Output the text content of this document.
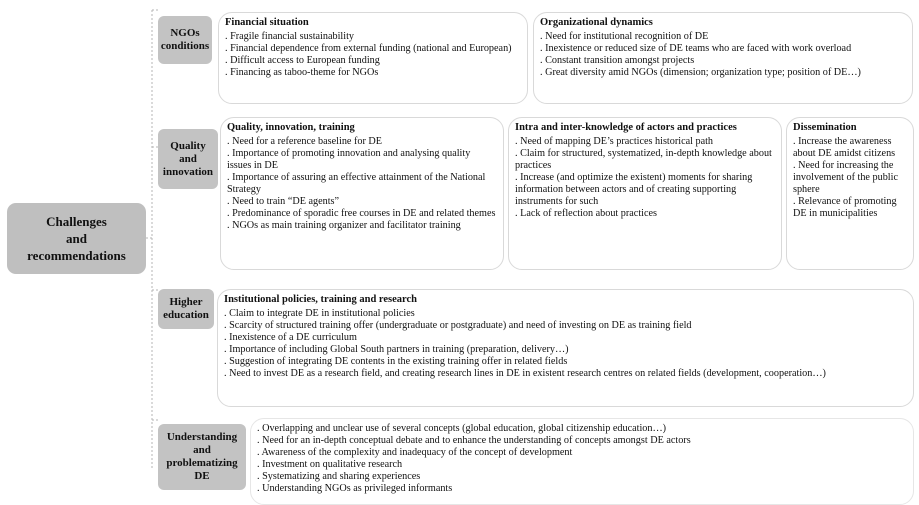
Challenges
and
recommendations
NGOs
conditions
Financial situation
. Fragile financial sustainability
. Financial dependence from external funding (national and European)
. Difficult access to European funding
. Financing as taboo-theme for NGOs
Organizational dynamics
. Need for institutional recognition of DE
. Inexistence or reduced size of DE teams who are faced with work overload
. Constant transition amongst projects
. Great diversity amid NGOs (dimension; organization type; position of DE…)
Quality
and
innovation
Quality, innovation, training
. Need for a reference baseline for DE
. Importance of promoting innovation and analysing quality issues in DE
. Importance of assuring an effective attainment of the National Strategy
. Need to train “DE agents”
. Predominance of sporadic free courses in DE and related themes
. NGOs as main training organizer and facilitator training
Intra and inter-knowledge of actors and practices
. Need of mapping DE’s practices historical path
. Claim for structured, systematized, in-depth knowledge about practices
. Increase (and optimize the existent) moments for sharing information between actors and of creating supporting instruments for such
. Lack of reflection about practices
Dissemination
. Increase the awareness about DE amidst citizens
. Need for increasing the involvement of the public sphere
. Relevance of promoting DE in municipalities
Higher
education
Institutional policies, training and research
. Claim to integrate DE in institutional policies
. Scarcity of structured training offer (undergraduate or postgraduate) and need of investing on DE as training field
. Inexistence of a DE curriculum
. Importance of including Global South partners in training (preparation, delivery…)
. Suggestion of integrating DE contents in the existing training offer in related fields
. Need to invest DE as a research field, and creating research lines in DE in existent research centres on related fields (development, cooperation…)
Understanding
and
problematizing
DE
. Overlapping and unclear use of several concepts (global education, global citizenship education…)
. Need for an in-depth conceptual debate and to enhance the understanding of concepts amongst DE actors
. Awareness of the complexity and inadequacy of the concept of development
. Investment on qualitative research
. Systematizing and sharing experiences
. Understanding NGOs as privileged informants
